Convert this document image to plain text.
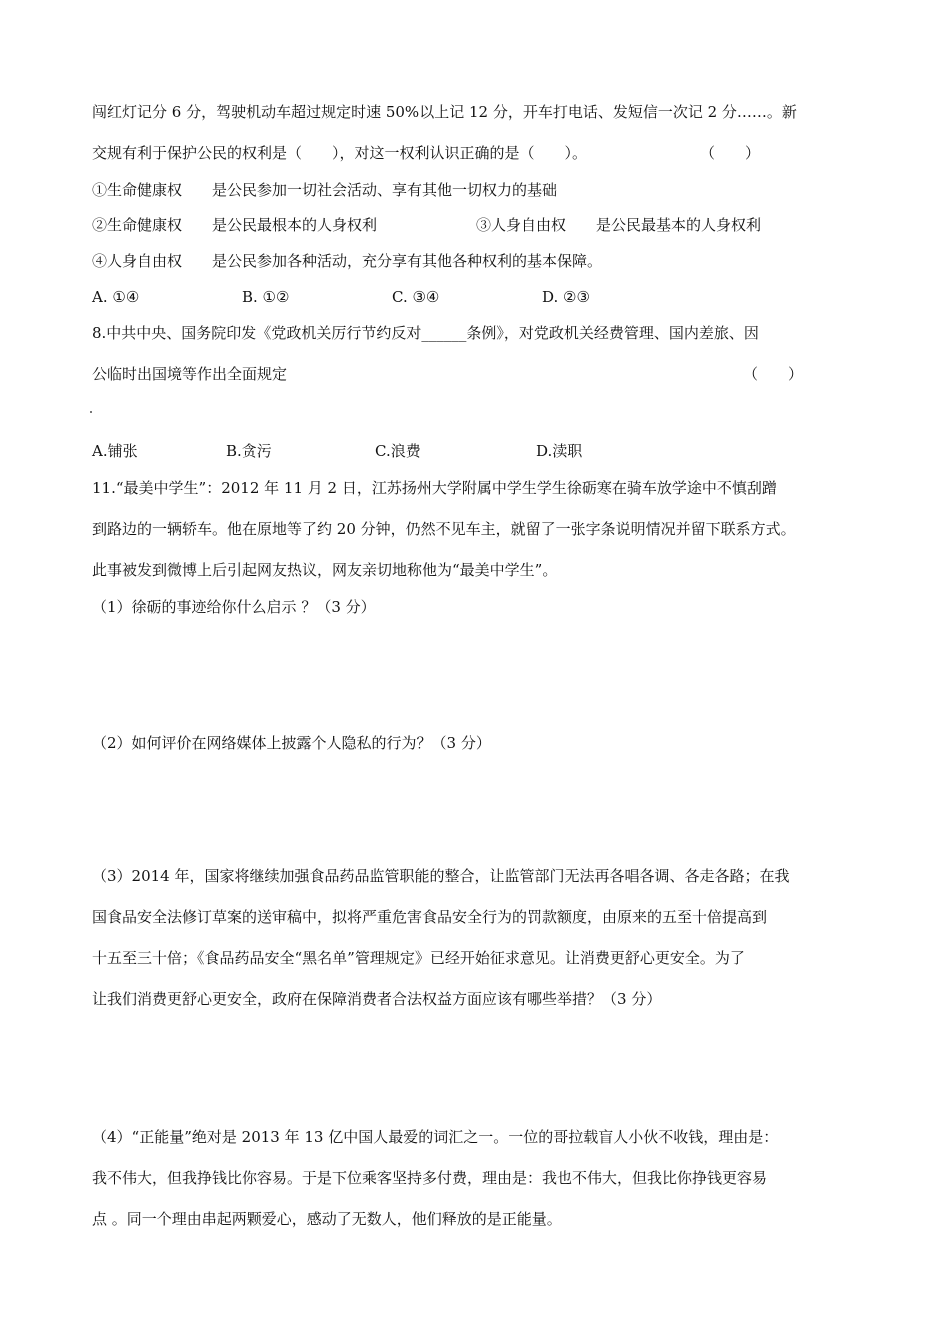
闯红灯记分 6 分，驾驶机动车超过规定时速 50%以上记 12 分，开车打电话、发短信一次记 2 分……。新
交规有利于保护公民的权利是（　　），对这一权利认识正确的是（　　）。	（　　）
①生命健康权　　是公民参加一切社会活动、享有其他一切权力的基础
②生命健康权　　是公民最根本的人身权利	③人身自由权　　是公民最基本的人身权利
④人身自由权　　是公民参加各种活动，充分享有其他各种权利的基本保障。
A. ①④	B. ①②	C. ③④	D. ②③
8.中共中央、国务院印发《党政机关厉行节约反对______条例》，对党政机关经费管理、国内差旅、因
公临时出国境等作出全面规定	（　　）
A.铺张	B.贪污	C.浪费	D.渎职
11.“最美中学生”：2012 年 11 月 2 日，江苏扬州大学附属中学生学生徐砺寒在骑车放学途中不慎刮蹭
到路边的一辆轿车。他在原地等了约 20 分钟，仍然不见车主，就留了一张字条说明情况并留下联系方式。
此事被发到微博上后引起网友热议，网友亲切地称他为“最美中学生”。
（1）徐砺的事迹给你什么启示 ？（3 分）
（2）如何评价在网络媒体上披露个人隐私的行为？（3 分）
（3）2014 年，国家将继续加强食品药品监管职能的整合，让监管部门无法再各唱各调、各走各路；在我
国食品安全法修订草案的送审稿中，拟将严重危害食品安全行为的罚款额度，由原来的五至十倍提高到
十五至三十倍；《食品药品安全“黑名单”管理规定》已经开始征求意见。让消费更舒心更安全。为了
让我们消费更舒心更安全，政府在保障消费者合法权益方面应该有哪些举措？（3 分）
（4）“正能量”绝对是 2013 年 13 亿中国人最爱的词汇之一。一位的哥拉载盲人小伙不收钱，理由是：
我不伟大，但我挣钱比你容易。于是下位乘客坚持多付费，理由是：我也不伟大，但我比你挣钱更容易
点 。同一个理由串起两颗爱心，感动了无数人，他们释放的是正能量。
